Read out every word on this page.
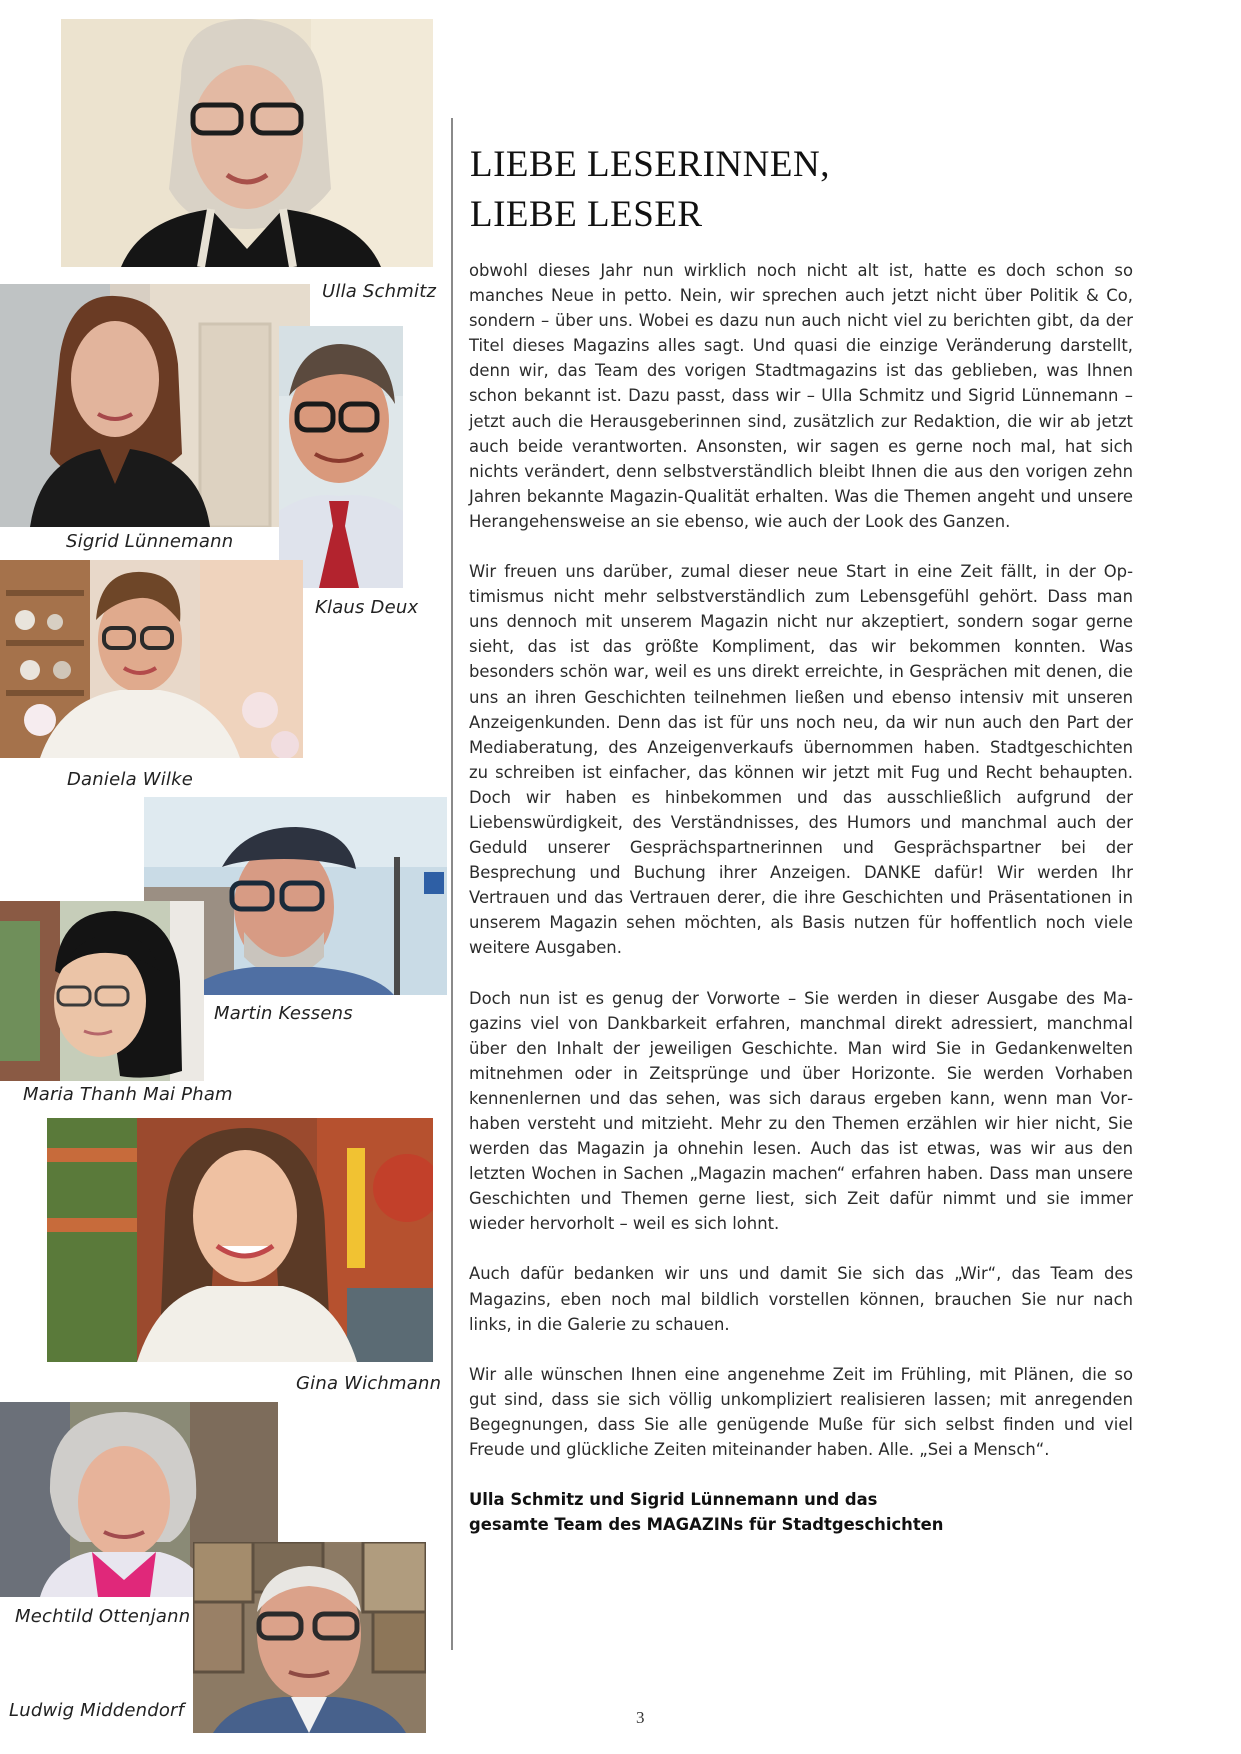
Ulla Schmitz
Sigrid Lünnemann
Klaus Deux
Daniela Wilke
Martin Kessens
Maria Thanh Mai Pham
Gina Wichmann
Mechtild Ottenjann
Ludwig Middendorf
LIEBE LESERINNEN,
LIEBE LESER

obwohl dieses Jahr nun wirklich noch nicht alt ist, hatte es doch schon so manches Neue in petto. Nein, wir sprechen auch jetzt nicht über Politik & Co, sondern – über uns. Wobei es dazu nun auch nicht viel zu berichten gibt, da der Titel dieses Magazins alles sagt. Und quasi die einzige Veränderung darstellt, denn wir, das Team des vorigen Stadtmagazins ist das geblieben, was Ihnen schon bekannt ist. Dazu passt, dass wir – Ulla Schmitz und Sigrid Lünnemann – jetzt auch die Herausgeberinnen sind, zusätzlich zur Redaktion, die wir ab jetzt auch beide verantworten. Ansonsten, wir sagen es gerne noch mal, hat sich nichts verändert, denn selbstverständlich bleibt Ihnen die aus den vorigen zehn Jahren bekannte Magazin-Qualität erhalten. Was die Themen angeht und unsere Herangehensweise an sie ebenso, wie auch der Look des Ganzen.

Wir freuen uns darüber, zumal dieser neue Start in eine Zeit fällt, in der Optimismus nicht mehr selbstverständlich zum Lebensgefühl gehört. Dass man uns dennoch mit unserem Magazin nicht nur akzeptiert, sondern sogar gerne sieht, das ist das größte Kompliment, das wir bekommen konnten. Was besonders schön war, weil es uns direkt erreichte, in Gesprächen mit denen, die uns an ihren Geschichten teilnehmen ließen und ebenso intensiv mit unseren Anzeigenkunden. Denn das ist für uns noch neu, da wir nun auch den Part der Mediaberatung, des Anzeigenverkaufs übernommen haben. Stadtgeschichten zu schreiben ist einfacher, das können wir jetzt mit Fug und Recht behaupten. Doch wir haben es hinbekommen und das ausschließlich aufgrund der Liebenswürdigkeit, des Verständnisses, des Humors und manchmal auch der Geduld unserer Gesprächspartnerinnen und Gesprächspartner bei der Besprechung und Buchung ihrer Anzeigen. DANKE dafür! Wir werden Ihr Vertrauen und das Vertrauen derer, die ihre Geschichten und Präsentationen in unserem Magazin sehen möchten, als Basis nutzen für hoffentlich noch viele weitere Ausgaben.

Doch nun ist es genug der Vorworte – Sie werden in dieser Ausgabe des Magazins viel von Dankbarkeit erfahren, manchmal direkt adressiert, manchmal über den Inhalt der jeweiligen Geschichte. Man wird Sie in Gedankenwelten mitnehmen oder in Zeitsprünge und über Horizonte. Sie werden Vorhaben kennenlernen und das sehen, was sich daraus ergeben kann, wenn man Vorhaben versteht und mitzieht. Mehr zu den Themen erzählen wir hier nicht, Sie werden das Magazin ja ohnehin lesen. Auch das ist etwas, was wir aus den letzten Wochen in Sachen „Magazin machen“ erfahren haben. Dass man unsere Geschichten und Themen gerne liest, sich Zeit dafür nimmt und sie immer wieder hervorholt – weil es sich lohnt.

Auch dafür bedanken wir uns und damit Sie sich das „Wir“, das Team des Magazins, eben noch mal bildlich vorstellen können, brauchen Sie nur nach links, in die Galerie zu schauen.

Wir alle wünschen Ihnen eine angenehme Zeit im Frühling, mit Plänen, die so gut sind, dass sie sich völlig unkompliziert realisieren lassen; mit anregenden Begegnungen, dass Sie alle genügende Muße für sich selbst finden und viel Freude und glückliche Zeiten miteinander haben. Alle. „Sei a Mensch“.

Ulla Schmitz und Sigrid Lünnemann und das
gesamte Team des MAGAZINs für Stadtgeschichten
3
